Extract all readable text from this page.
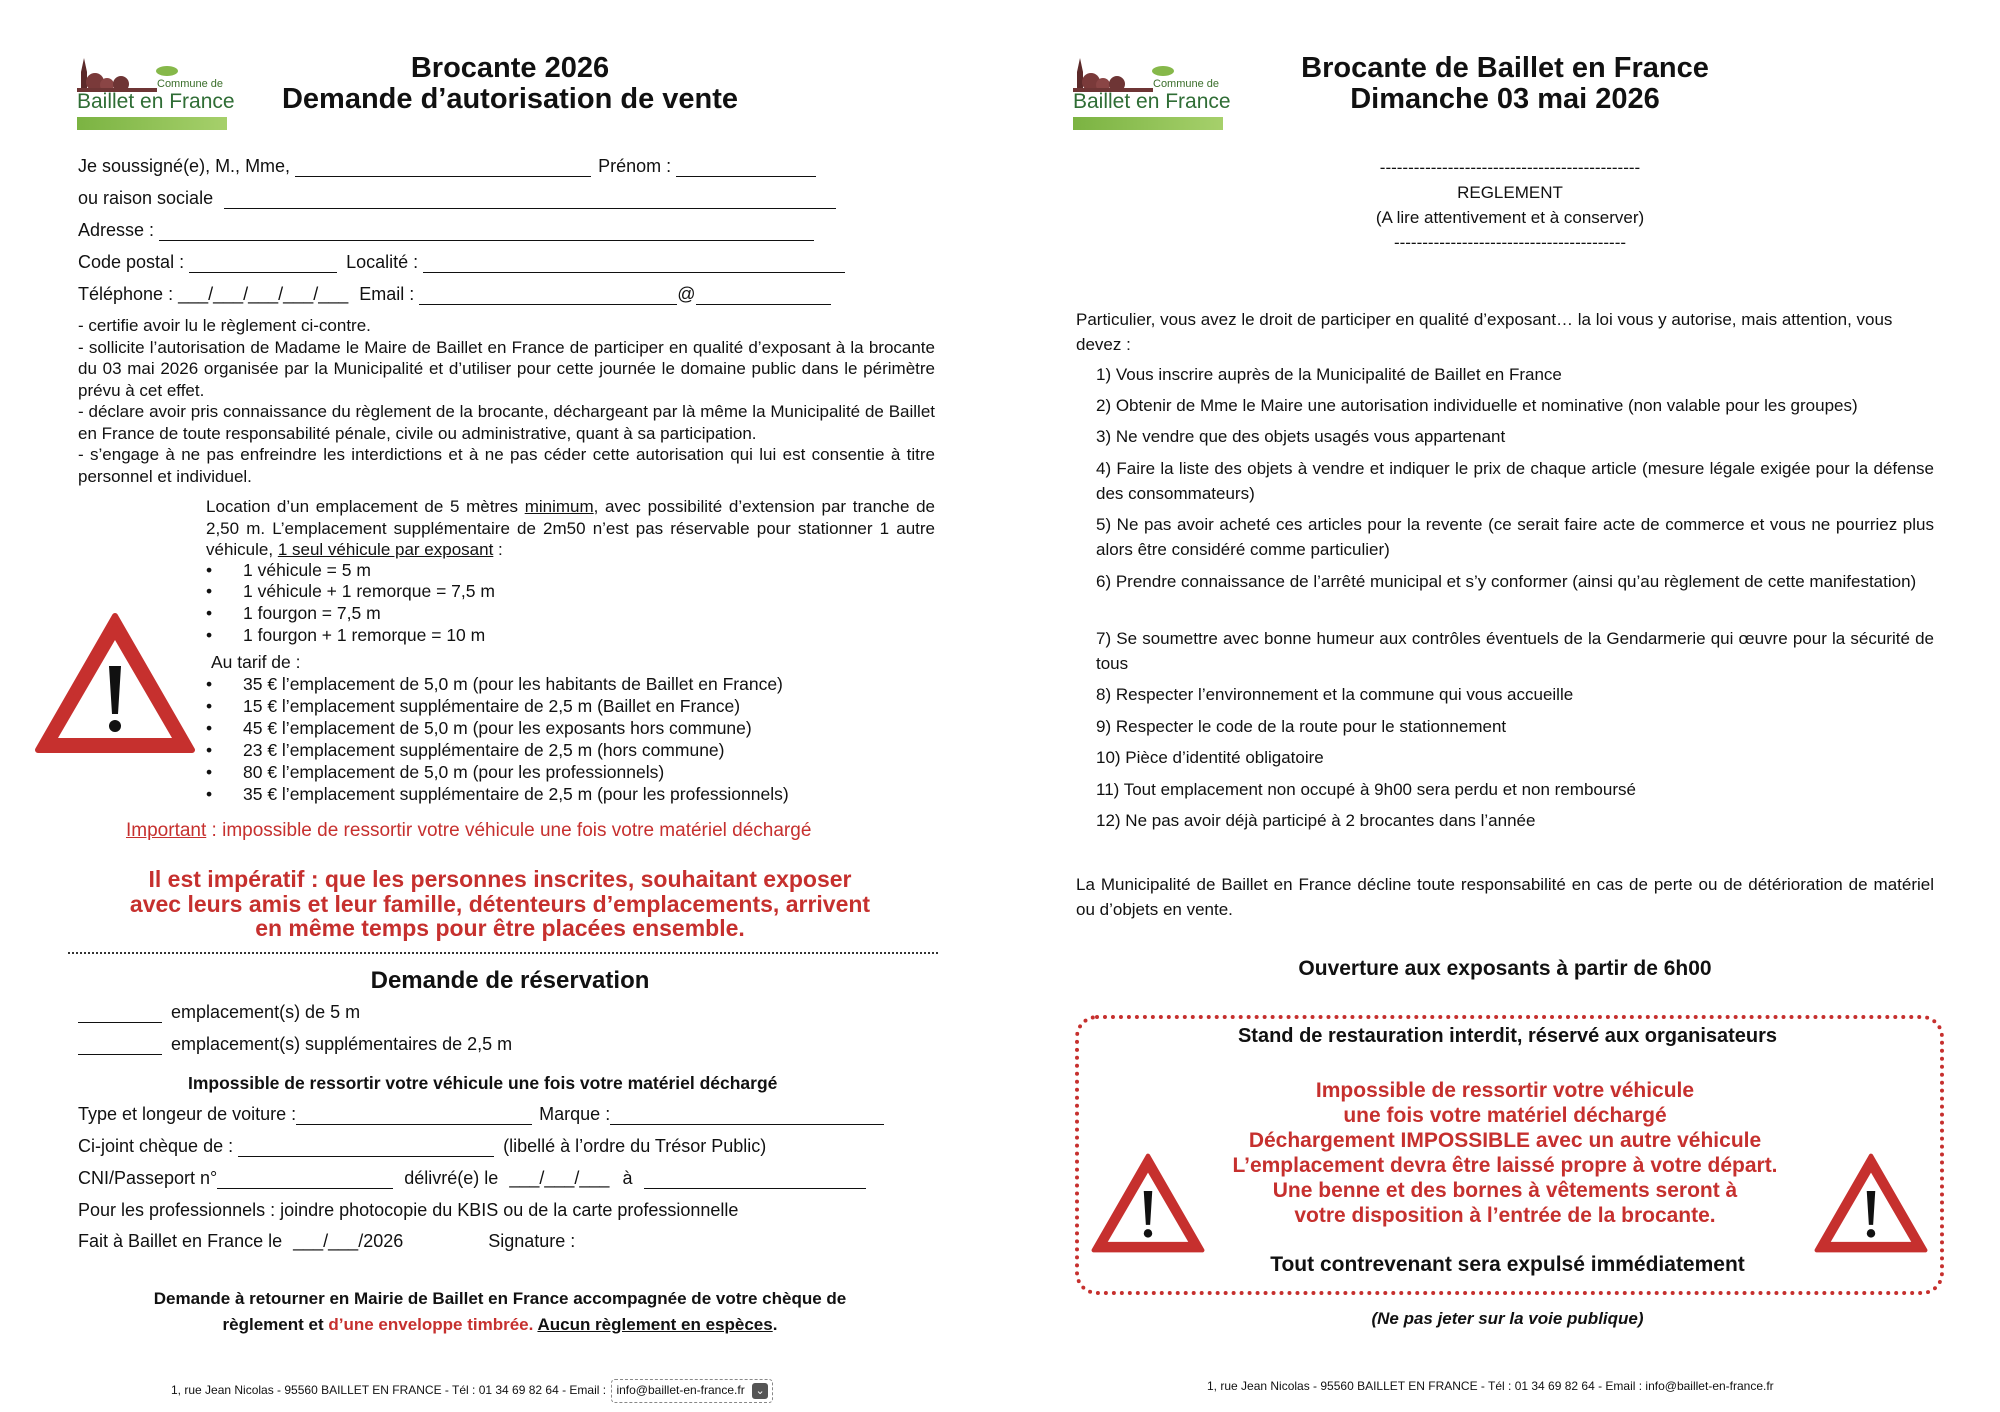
Commune de
Baillet en France
Brocante 2026
Demande d’autorisation de vente
Je soussigné(e), M., Mme,	Prénom :
ou raison sociale
Adresse :
Code postal :	Localité :
Téléphone : ___/___/___/___/___ Email :	@
- certifie avoir lu le règlement ci-contre.
- sollicite l’autorisation de Madame le Maire de Baillet en France de participer en qualité d’exposant à la brocante du 03 mai 2026 organisée par la Municipalité et d’utiliser pour cette journée le domaine public dans le périmètre prévu à cet effet.
- déclare avoir pris connaissance du règlement de la brocante, déchargeant par là même la Municipalité de Baillet en France de toute responsabilité pénale, civile ou administrative, quant à sa participation.
- s’engage à ne pas enfreindre les interdictions et à ne pas céder cette autorisation qui lui est consentie à titre personnel et individuel.
Location d’un emplacement de 5 mètres minimum, avec possibilité d’extension par tranche de 2,50 m. L’emplacement supplémentaire de 2m50 n’est pas réservable pour stationner 1 autre véhicule, 1 seul véhicule par exposant :
• 1 véhicule = 5 m
• 1 véhicule + 1 remorque = 7,5 m
• 1 fourgon = 7,5 m
• 1 fourgon + 1 remorque = 10 m
Au tarif de :
• 35 € l’emplacement de 5,0 m (pour les habitants de Baillet en France)
• 15 € l’emplacement supplémentaire de 2,5 m (Baillet en France)
• 45 € l’emplacement de 5,0 m (pour les exposants hors commune)
• 23 € l’emplacement supplémentaire de 2,5 m (hors commune)
• 80 € l’emplacement de 5,0 m (pour les professionnels)
• 35 € l’emplacement supplémentaire de 2,5 m (pour les professionnels)
Important : impossible de ressortir votre véhicule une fois votre matériel déchargé
Il est impératif : que les personnes inscrites, souhaitant exposer
avec leurs amis et leur famille, détenteurs d’emplacements, arrivent
en même temps pour être placées ensemble.
Demande de réservation
emplacement(s) de 5 m
emplacement(s) supplémentaires de 2,5 m
Impossible de ressortir votre véhicule une fois votre matériel déchargé
Type et longeur de voiture :	Marque :
Ci-joint chèque de :	(libellé à l’ordre du Trésor Public)
CNI/Passeport n°	délivré(e) le ___/___/___ à
Pour les professionnels : joindre photocopie du KBIS ou de la carte professionnelle
Fait à Baillet en France le ___/___/2026	Signature :
Demande à retourner en Mairie de Baillet en France accompagnée de votre chèque de
règlement et d’une enveloppe timbrée. Aucun règlement en espèces.
1, rue Jean Nicolas - 95560 BAILLET EN FRANCE - Tél : 01 34 69 82 64 - Email : info@baillet-en-france.fr ⌄
Commune de
Baillet en France
Brocante de Baillet en France
Dimanche 03 mai 2026
----------------------------------------------
REGLEMENT
(A lire attentivement et à conserver)
-----------------------------------------
Particulier, vous avez le droit de participer en qualité d’exposant… la loi vous y autorise, mais attention, vous devez :
1) Vous inscrire auprès de la Municipalité de Baillet en France
2) Obtenir de Mme le Maire une autorisation individuelle et nominative (non valable pour les groupes)
3) Ne vendre que des objets usagés vous appartenant
4) Faire la liste des objets à vendre et indiquer le prix de chaque article (mesure légale exigée pour la défense des consommateurs)
5) Ne pas avoir acheté ces articles pour la revente (ce serait faire acte de commerce et vous ne pourriez plus alors être considéré comme particulier)
6) Prendre connaissance de l’arrêté municipal et s’y conformer (ainsi qu’au règlement de cette manifestation)
7) Se soumettre avec bonne humeur aux contrôles éventuels de la Gendarmerie qui œuvre pour la sécurité de tous
8) Respecter l’environnement et la commune qui vous accueille
9) Respecter le code de la route pour le stationnement
10) Pièce d’identité obligatoire
11) Tout emplacement non occupé à 9h00 sera perdu et non remboursé
12) Ne pas avoir déjà participé à 2 brocantes dans l’année
La Municipalité de Baillet en France décline toute responsabilité en cas de perte ou de détérioration de matériel ou d’objets en vente.
Ouverture aux exposants à partir de 6h00
Stand de restauration interdit, réservé aux organisateurs
Impossible de ressortir votre véhicule
une fois votre matériel déchargé
Déchargement IMPOSSIBLE avec un autre véhicule
L’emplacement devra être laissé propre à votre départ.
Une benne et des bornes à vêtements seront à
votre disposition à l’entrée de la brocante.
Tout contrevenant sera expulsé immédiatement
(Ne pas jeter sur la voie publique)
1, rue Jean Nicolas - 95560 BAILLET EN FRANCE - Tél : 01 34 69 82 64 - Email : info@baillet-en-france.fr
